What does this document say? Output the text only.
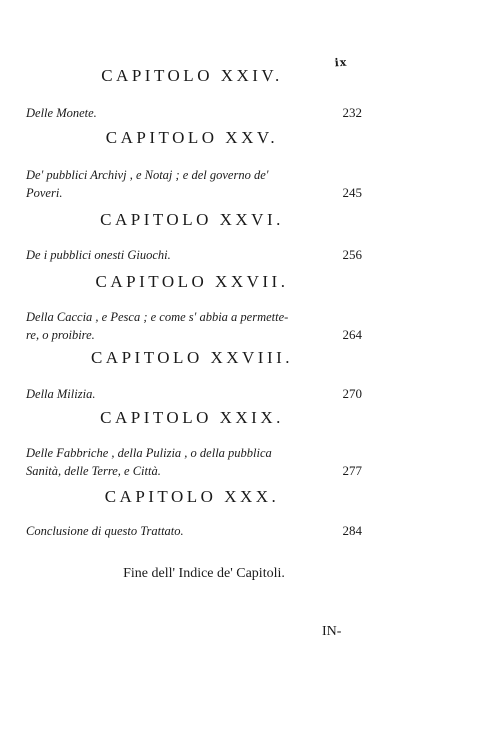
ix
CAPITOLO XXIV.
Delle Monete.	232
CAPITOLO XXV.
De' pubblici Archivj , e Notaj ; e del governo de'
Poveri.	245
CAPITOLO XXVI.
De i pubblici onesti Giuochi.	256
CAPITOLO XXVII.
Della Caccia , e Pesca ; e come s' abbia a permette-
re, o proibire.	264
CAPITOLO XXVIII.
Della Milizia.	270
CAPITOLO XXIX.
Delle Fabbriche , della Pulizia , o della pubblica
Sanità, delle Terre, e Città.	277
CAPITOLO XXX.
Conclusione di questo Trattato.	284
Fine dell' Indice de' Capitoli.
IN-
